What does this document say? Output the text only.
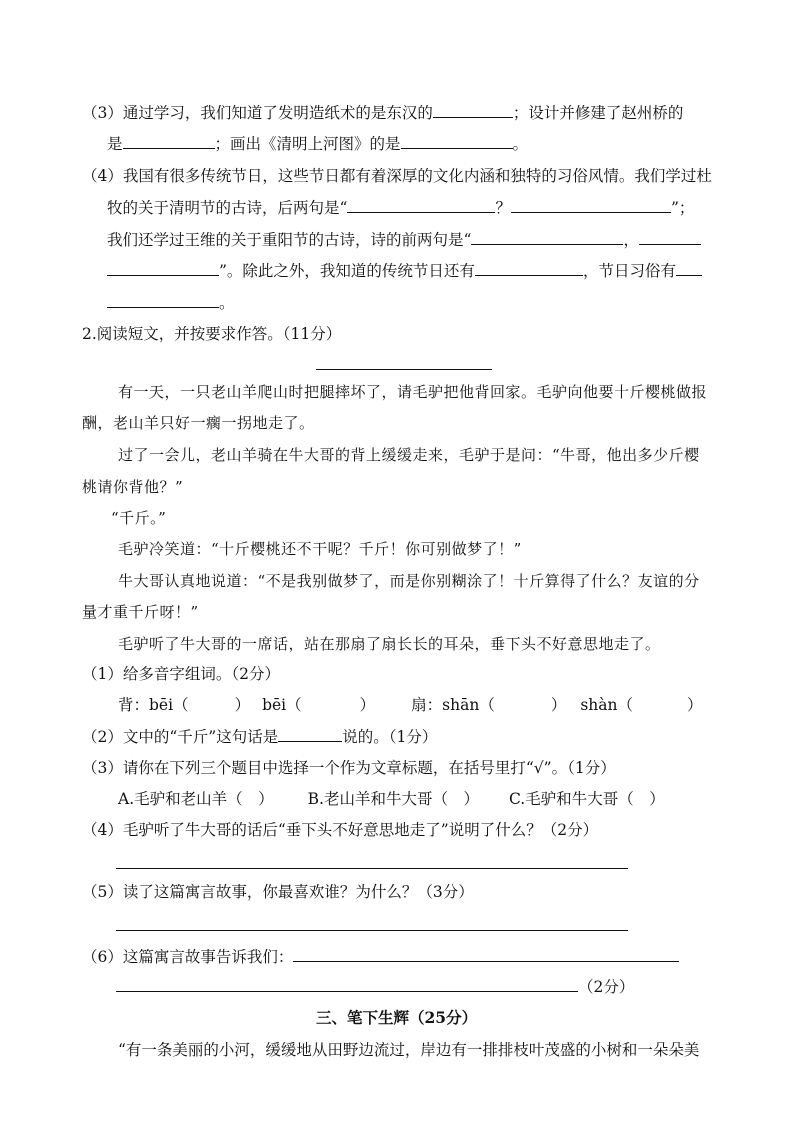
（3）通过学习，我们知道了发明造纸术的是东汉的	；设计并修建了赵州桥的
是	；画出《清明上河图》的是	。
（4）我国有很多传统节日，这些节日都有着深厚的文化内涵和独特的习俗风情。我们学过杜
牧的关于清明节的古诗，后两句是“	？	”；
我们还学过王维的关于重阳节的古诗，诗的前两句是“	，
”。除此之外，我知道的传统节日还有	，节日习俗有
。
2.阅读短文，并按要求作答。（11分）
有一天，一只老山羊爬山时把腿摔坏了，请毛驴把他背回家。毛驴向他要十斤樱桃做报
酬，老山羊只好一瘸一拐地走了。
过了一会儿，老山羊骑在牛大哥的背上缓缓走来，毛驴于是问：“牛哥，他出多少斤樱
桃请你背他？”
“千斤。”
毛驴冷笑道：“十斤樱桃还不干呢？千斤！你可别做梦了！”
牛大哥认真地说道：“不是我别做梦了，而是你别糊涂了！十斤算得了什么？友谊的分
量才重千斤呀！”
毛驴听了牛大哥的一席话，站在那扇了扇长长的耳朵，垂下头不好意思地走了。
（1）给多音字组词。（2分）
背：bēi（	） bēi（	） 扇：shān（	） shàn（	）
（2）文中的“千斤”这句话是	说的。（1分）
（3）请你在下列三个题目中选择一个作为文章标题，在括号里打“√”。（1分）
A.毛驴和老山羊（　） B.老山羊和牛大哥（　） C.毛驴和牛大哥（　）
（4）毛驴听了牛大哥的话后“垂下头不好意思地走了”说明了什么？（2分）
（5）读了这篇寓言故事，你最喜欢谁？为什么？（3分）
（6）这篇寓言故事告诉我们：
（2分）
三、笔下生辉（25分）
“有一条美丽的小河，缓缓地从田野边流过，岸边有一排排枝叶茂盛的小树和一朵朵美
